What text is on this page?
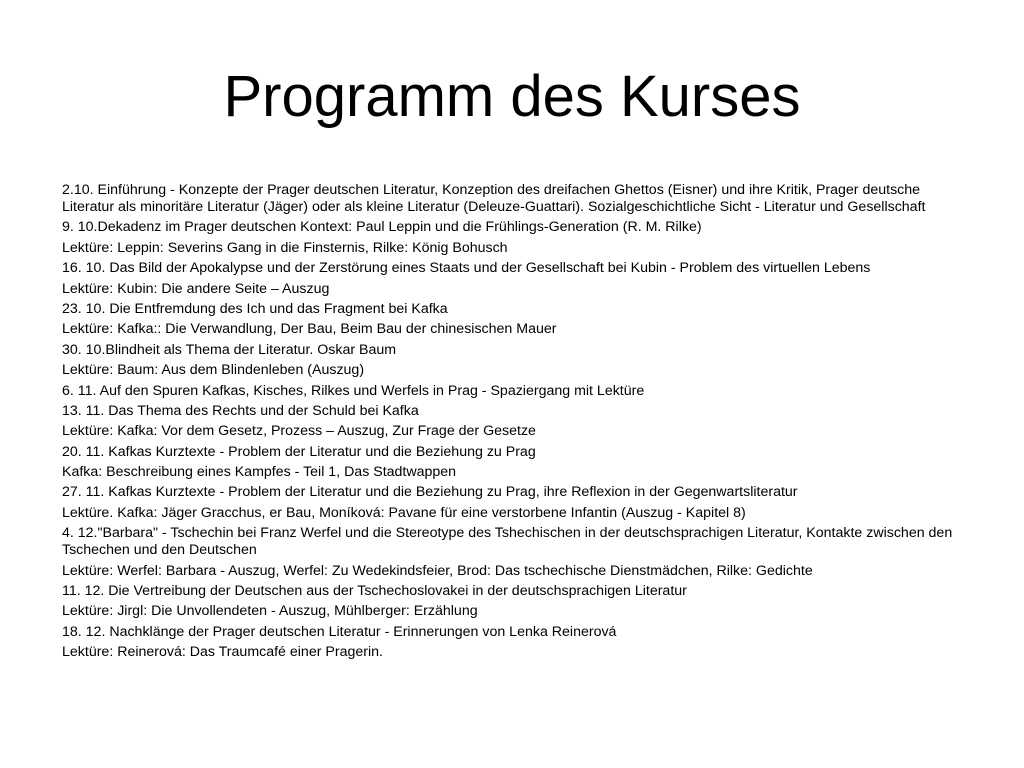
Programm des Kurses
2.10. Einführung - Konzepte der Prager deutschen Literatur, Konzeption des dreifachen Ghettos (Eisner) und ihre Kritik, Prager deutsche Literatur als minoritäre Literatur (Jäger) oder als kleine Literatur (Deleuze-Guattari). Sozialgeschichtliche Sicht - Literatur und Gesellschaft
9. 10.Dekadenz im Prager deutschen Kontext: Paul Leppin und die Frühlings-Generation (R. M. Rilke)
Lektüre: Leppin: Severins Gang in die Finsternis, Rilke: König Bohusch
16. 10. Das Bild der Apokalypse und der Zerstörung eines Staats und der Gesellschaft bei Kubin - Problem des virtuellen Lebens
Lektüre: Kubin: Die andere Seite – Auszug
23. 10. Die Entfremdung des Ich und das Fragment bei Kafka
Lektüre: Kafka:: Die Verwandlung, Der Bau, Beim Bau der chinesischen Mauer
30. 10.Blindheit als Thema der Literatur. Oskar Baum
Lektüre: Baum: Aus dem Blindenleben (Auszug)
6. 11. Auf den Spuren Kafkas, Kisches, Rilkes und Werfels in Prag - Spaziergang mit Lektüre
13. 11. Das Thema des Rechts und der Schuld bei Kafka
Lektüre: Kafka: Vor dem Gesetz, Prozess – Auszug, Zur Frage der Gesetze
20. 11. Kafkas Kurztexte - Problem der Literatur und die Beziehung zu Prag
Kafka: Beschreibung eines Kampfes - Teil 1, Das Stadtwappen
27. 11. Kafkas Kurztexte - Problem der Literatur und die Beziehung zu Prag, ihre Reflexion in der Gegenwartsliteratur
Lektüre. Kafka: Jäger Gracchus, er Bau, Moníková: Pavane für eine verstorbene Infantin (Auszug - Kapitel 8)
4. 12."Barbara" - Tschechin bei Franz Werfel und die Stereotype des Tshechischen in der deutschsprachigen Literatur, Kontakte zwischen den Tschechen und den Deutschen
Lektüre: Werfel: Barbara - Auszug, Werfel: Zu Wedekindsfeier, Brod: Das tschechische Dienstmädchen, Rilke: Gedichte
11. 12. Die Vertreibung der Deutschen aus der Tschechoslovakei in der deutschsprachigen Literatur
Lektüre: Jirgl: Die Unvollendeten - Auszug, Mühlberger: Erzählung
18. 12. Nachklänge der Prager deutschen Literatur - Erinnerungen von Lenka Reinerová
Lektüre: Reinerová: Das Traumcafé einer Pragerin.
